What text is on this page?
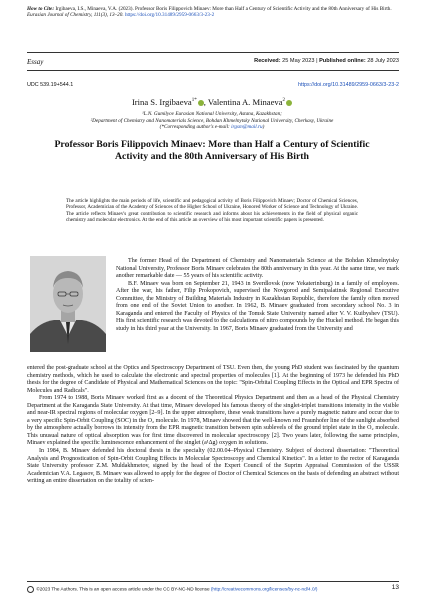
How to Cite: Irgibaeva, I.S., Minaeva, V.A. (2023). Professor Boris Filippovich Minaev: More than Half a Century of Scientific Activity and the 80th Anniversary of His Birth. Eurasian Journal of Chemistry, 111(3), 13–20. https://doi.org/10.31489/2959-0663/3-23-2
Essay	Received: 25 May 2023 | Published online: 28 July 2023
UDC 539.19+544.1	https://doi.org/10.31489/2959-0663/3-23-2
Irina S. Irgibaeva$^{1*}$ , Valentina A. Minaeva$^2$
¹L.N. Gumilyov Eurasian National University, Astana, Kazakhstan;
²Department of Chemistry and Nanomaterials Science, Bohdan Khmelnytsky National University, Cherkasy, Ukraine
(*Corresponding author's e-mail: irgsm@mail.ru)
Professor Boris Filippovich Minaev: More than Half a Century of Scientific Activity and the 80th Anniversary of His Birth
The article highlights the main periods of life, scientific and pedagogical activity of Boris Filippovich Minaev; Doctor of Chemical Sciences, Professor, Academician of the Academy of Sciences of the Higher School of Ukraine, Honored Worker of Science and Technology of Ukraine. The article reflects Minaev's great contribution to scientific research and informs about his achievements in the field of physical organic chemistry and molecular electronics. At the end of this article an overview of his most important scientific papers is presented.

The former Head of the Department of Chemistry and Nanomaterials Science at the Bohdan Khmelnytsky National University, Professor Boris Minaev celebrates the 80th anniversary in this year. At the same time, we mark another remarkable date — 55 years of his scientific activity.

B.F. Minaev was born on September 21, 1943 in Sverdlovsk (now Yekaterinburg) in a family of employees. After the war, his father, Filip Prokopovich, supervised the Novgorod and Semipalatinsk Regional Executive Committee, the Ministry of Building Materials Industry in Kazakhstan Republic, therefore the family often moved from one end of the Soviet Union to another. In 1962, B. Minaev graduated from secondary school No. 3 in Karaganda and entered the Faculty of Physics of the Tomsk State University named after V. V. Kuibyshev (TSU). His first scientific research was devoted to the calculations of nitro compounds by the Huckel method. He began this study in his third year at the University. In 1967, Boris Minaev graduated from the University and

entered the post-graduate school at the Optics and Spectroscopy Department of TSU. Even then, the young PhD student was fascinated by the quantum chemistry methods, which he used to calculate the electronic and spectral properties of molecules [1]. At the beginning of 1973 he defended his PhD thesis for the degree of Candidate of Physical and Mathematical Sciences on the topic: "Spin-Orbital Coupling Effects in the Optical and EPR Spectra of Molecules and Radicals".

From 1974 to 1988, Boris Minaev worked first as a docent of the Theoretical Physics Department and then as a head of the Physical Chemistry Department at the Karaganda State University. At that time, Minaev developed his famous theory of the singlet-triplet transitions intensity in the visible and near-IR spectral regions of molecular oxygen [2–9]. In the upper atmosphere, these weak transitions have a purely magnetic nature and occur due to a very specific Spin-Orbit Coupling (SOC) in the O₂ molecule. In 1978, Minaev showed that the well-known red Fraunhofer line of the sunlight absorbed by the atmosphere actually borrows its intensity from the EPR magnetic transition between spin sublevels of the ground triplet state in the O₂ molecule. This unusual nature of optical absorption was for first time discovered in molecular spectroscopy [2]. Two years later, following the same principles, Minaev explained the specific luminescence enhancement of the singlet (a¹Δg) oxygen in solutions.

In 1984, B. Minaev defended his doctoral thesis in the specialty (02.00.04–Physical Chemistry. Subject of doctoral dissertation: "Theoretical Analysis and Prognostication of Spin-Orbit Coupling Effects in Molecular Spectroscopy and Chemical Kinetics". In a letter to the rector of Karaganda State University professor Z.M. Muldakhmetov, signed by the head of the Expert Council of the Suprim Appraisal Commission of the USSR Academician V.A. Legasov, B. Minaev was allowed to apply for the degree of Doctor of Chemical Sciences on the basis of defending an abstract without writing an entire dissertation on the totality of scien-

©2023 The Authors. This is an open access article under the CC BY-NC-ND license (http://creativecommons.org/licenses/by-nc-nd/4.0/)	13
